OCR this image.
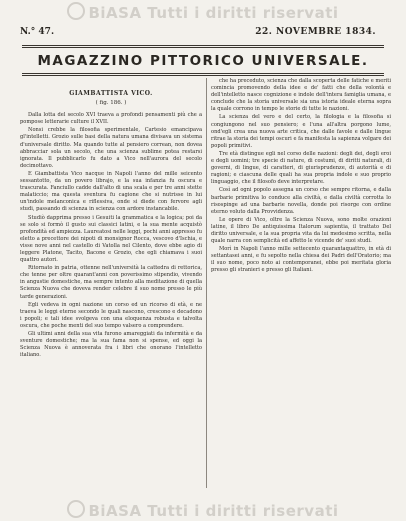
BiASA Tutti i diritti riservati
N.° 47.	22. NOVEMBRE 1834.
MAGAZZINO PITTORICO UNIVERSALE.
GIAMBATTISTA VICO.
( fig. 186. )

Dalla lotta del secolo XVI traeva a profondi pensamenti più che a pompose letterarie culture il XVII.

Nonsi crebbe la filosofia sperimentale, Cartesio emancipava gl'intelletti. Grozio sulle basi della natura umana divisava un sistema d'universale diritto. Ma quando tutte al pensiero correan, non dovea abbracciar sola un secolo, che una scienza sublime potea restarsi ignorata. Il pubblicarlo fu dato a Vico nell'aurora del secolo decimottavo.

E Giambattista Vico nacque in Napoli l'anno del mille seicento sessantotto, da un povero librajo, e la sua infanzia fu oscura e trascurata. Fanciullo cadde dall'alto di una scala e per tre anni stette malaticcio; ma questa sventura fu cagione che si nutrisse in lui un'indole melanconica e riflessiva, onde si diede con fervore agli studi, passando di scienza in scienza con ardore instancabile.

Studiò dapprima presso i Gesuiti la grammatica e la logica; poi da se solo si formò il gusto sui classici latini, e la sua mente acquistò profondità ed ampiezza. Laureatosi nelle leggi, pochi anni appresso fu eletto a precettore dei nipoti di monsignor Rocca, vescovo d'Ischia, e visse nove anni nel castello di Vatolla nel Cilento, dove ebbe agio di leggere Platone, Tacito, Bacone e Grozio, che egli chiamava i suoi quattro autori.

Ritornato in patria, ottenne nell'università la cattedra di rettorica, che tenne per oltre quarant'anni con poverissimo stipendio, vivendo in angustie domestiche, ma sempre intento alla meditazione di quella Scienza Nuova che doveva render celebre il suo nome presso le più tarde generazioni.

Egli vedeva in ogni nazione un corso ed un ricorso di età, e ne traeva le leggi eterne secondo le quali nascono, crescono e decadono i popoli; e tali idee svolgeva con una eloquenza robusta e talvolta oscura, che poche menti del suo tempo valsero a comprendere.

Gli ultimi anni della sua vita furono amareggiati da infermità e da sventure domestiche; ma la sua fama non si spense, ed oggi la Scienza Nuova è annoverata fra i libri che onorano l'intelletto italiano.

che ha preceduto, scienza che dalla scoperta delle fatiche e meriti comincia promovendo della idee e de' fatti che della volontà e dell'intelletto nasce cognizione e indole dell'intera famiglia umana, e conclude che la storia universale sia una istoria ideale eterna sopra la quale corrono in tempo le storie di tutte le nazioni.

La scienza del vero e del certo, la filologia e la filosofia si congiungono nel suo pensiero; e l'una all'altra porgono lume, ond'egli crea una nuova arte critica, che dalle favole e dalle lingue ritrae la storia dei tempi oscuri e fa manifesta la sapienza volgare dei popoli primitivi.

Tre età distingue egli nel corso delle nazioni: degli dei, degli eroi e degli uomini; tre specie di nature, di costumi, di diritti naturali, di governi, di lingue, di caratteri, di giurisprudenze, di autorità e di ragioni; e ciascuna delle quali ha sua propria indole e suo proprio linguaggio, che il filosofo deve interpretare.

Così ad ogni popolo assegna un corso che sempre ritorna, e dalla barbarie primitiva lo conduce alla civiltà, e dalla civiltà corrotta lo risospinge ad una barbarie novella, donde poi risorge con ordine eterno voluto dalla Provvidenza.

Le opere di Vico, oltre la Scienza Nuova, sono molte orazioni latine, il libro De antiquissima Italorum sapientia, il trattato Del diritto universale, e la sua propria vita da lui medesimo scritta, nella quale narra con semplicità ed affetto le vicende de' suoi studi.

Morì in Napoli l'anno mille settecento quarantaquattro, in età di settantasei anni, e fu sepolto nella chiesa dei Padri dell'Oratorio; ma il suo nome, poco noto ai contemporanei, ebbe poi meritata gloria presso gli stranieri e presso gli Italiani.

BiASA Tutti i diritti riservati
